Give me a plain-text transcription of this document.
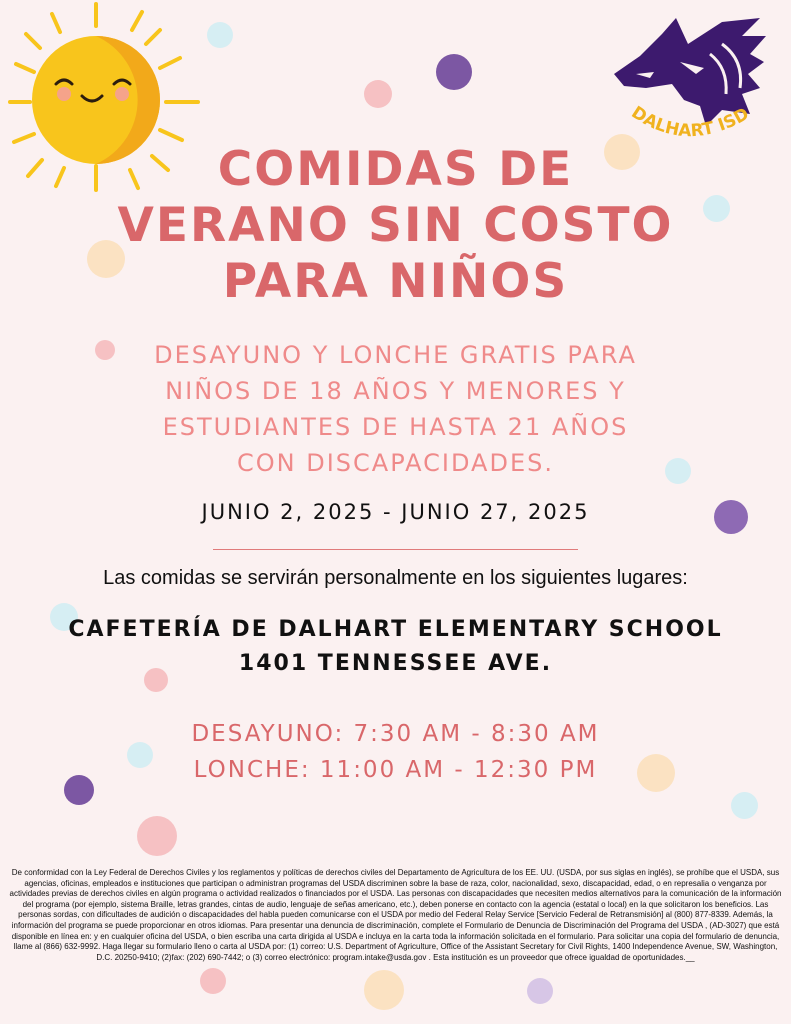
DALHART ISD
COMIDAS DE
VERANO SIN COSTO
PARA NIÑOS
DESAYUNO Y LONCHE GRATIS PARA
NIÑOS DE 18 AÑOS Y MENORES Y
ESTUDIANTES DE HASTA 21 AÑOS
CON DISCAPACIDADES.
JUNIO 2, 2025 - JUNIO 27, 2025
Las comidas se servirán personalmente en los siguientes lugares:
CAFETERÍA DE DALHART ELEMENTARY SCHOOL
1401 TENNESSEE AVE.
DESAYUNO: 7:30 AM - 8:30 AM
LONCHE: 11:00 AM - 12:30 PM
De conformidad con la Ley Federal de Derechos Civiles y los reglamentos y políticas de derechos civiles del Departamento de Agricultura de los EE. UU. (USDA, por sus siglas en inglés), se prohíbe que el USDA, sus agencias, oficinas, empleados e instituciones que participan o administran programas del USDA discriminen sobre la base de raza, color, nacionalidad, sexo, discapacidad, edad, o en represalia o venganza por actividades previas de derechos civiles en algún programa o actividad realizados o financiados por el USDA. Las personas con discapacidades que necesiten medios alternativos para la comunicación de la información del programa (por ejemplo, sistema Braille, letras grandes, cintas de audio, lenguaje de señas americano, etc.), deben ponerse en contacto con la agencia (estatal o local) en la que solicitaron los beneficios. Las personas sordas, con dificultades de audición o discapacidades del habla pueden comunicarse con el USDA por medio del Federal Relay Service [Servicio Federal de Retransmisión] al (800) 877-8339. Además, la información del programa se puede proporcionar en otros idiomas. Para presentar una denuncia de discriminación, complete el Formulario de Denuncia de Discriminación del Programa del USDA , (AD-3027) que está disponible en línea en: y en cualquier oficina del USDA, o bien escriba una carta dirigida al USDA e incluya en la carta toda la información solicitada en el formulario. Para solicitar una copia del formulario de denuncia, llame al (866) 632-9992. Haga llegar su formulario lleno o carta al USDA por: (1) correo: U.S. Department of Agriculture, Office of the Assistant Secretary for Civil Rights, 1400 Independence Avenue, SW, Washington, D.C. 20250-9410; (2)fax: (202) 690-7442; o (3) correo electrónico: program.intake@usda.gov . Esta institución es un proveedor que ofrece igualdad de oportunidades.__
